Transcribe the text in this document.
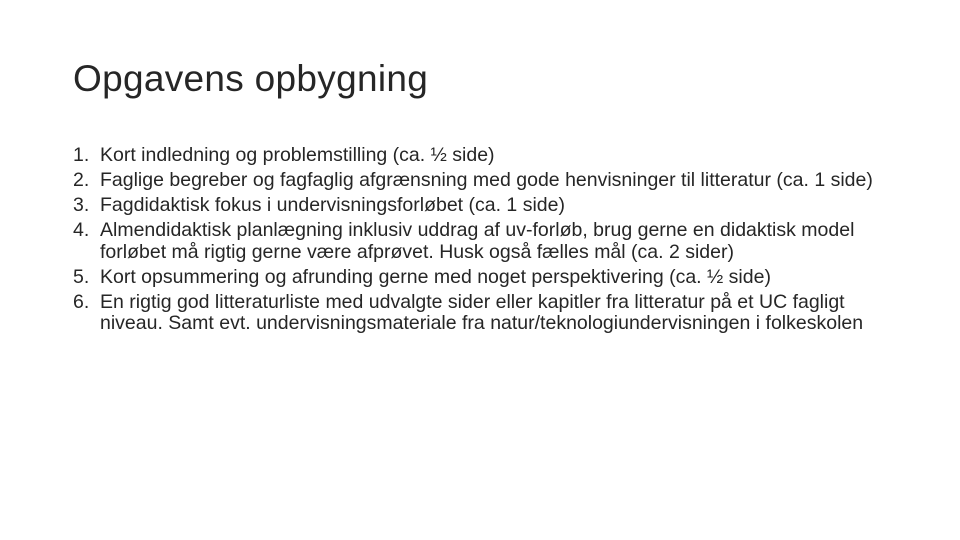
Opgavens opbygning
1. Kort indledning og problemstilling (ca. ½ side)
2. Faglige begreber og fagfaglig afgrænsning med gode henvisninger til litteratur (ca. 1 side)
3. Fagdidaktisk fokus i undervisningsforløbet (ca. 1 side)
4. Almendidaktisk planlægning inklusiv uddrag af uv-forløb, brug gerne en didaktisk model forløbet må rigtig gerne være afprøvet. Husk også fælles mål (ca. 2 sider)
5. Kort opsummering og afrunding gerne med noget perspektivering (ca. ½ side)
6. En rigtig god litteraturliste med udvalgte sider eller kapitler fra litteratur på et UC fagligt niveau. Samt evt. undervisningsmateriale fra natur/teknologiundervisningen i folkeskolen
